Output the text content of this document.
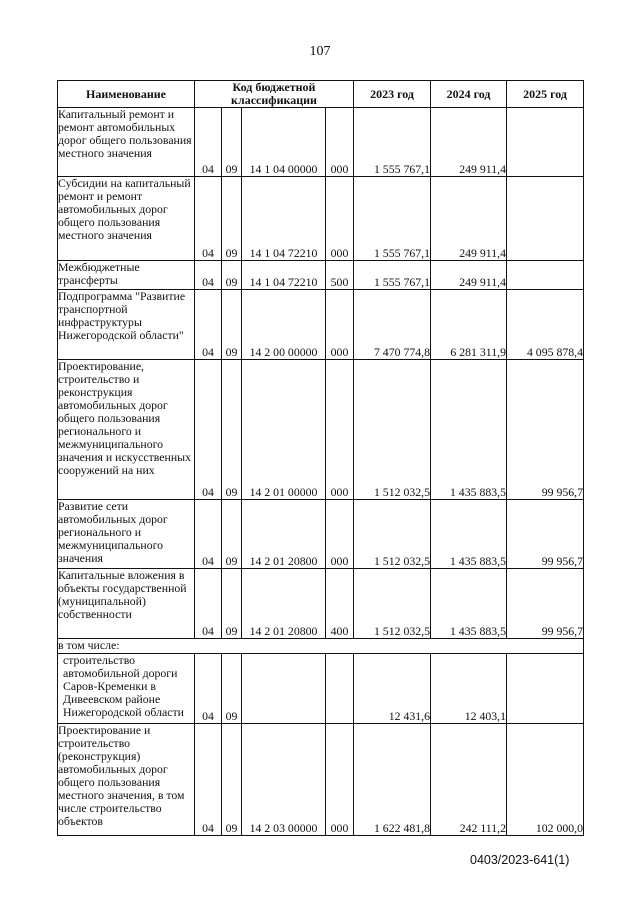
107
Наименование	Код бюджетной классификации				2023 год	2024 год	2025 год

Капитальный ремонт и ремонт автомобильных дорог общего пользования местного значения	04	09	14 1 04 00000	000	1 555 767,1	249 911,4	

Субсидии на капитальный ремонт и ремонт автомобильных дорог общего пользования местного значения	04	09	14 1 04 72210	000	1 555 767,1	249 911,4	

Межбюджетные трансферты	04	09	14 1 04 72210	500	1 555 767,1	249 911,4	

Подпрограмма "Развитие транспортной инфраструктуры Нижегородской области"	04	09	14 2 00 00000	000	7 470 774,8	6 281 311,9	4 095 878,4

Проектирование, строительство и реконструкция автомобильных дорог общего пользования регионального и межмуниципального значения и искусственных сооружений на них	04	09	14 2 01 00000	000	1 512 032,5	1 435 883,5	99 956,7

Развитие сети автомобильных дорог регионального и межмуниципального значения	04	09	14 2 01 20800	000	1 512 032,5	1 435 883,5	99 956,7

Капитальные вложения в объекты государственной (муниципальной) собственности	04	09	14 2 01 20800	400	1 512 032,5	1 435 883,5	99 956,7

в том числе:							

строительство автомобильной дороги Саров-Кременки в Дивеевском районе Нижегородской области	04	09			12 431,6	12 403,1	

Проектирование и строительство (реконструкция) автомобильных дорог общего пользования местного значения, в том числе строительство объектов	04	09	14 2 03 00000	000	1 622 481,8	242 111,2	102 000,0
0403/2023-641(1)
